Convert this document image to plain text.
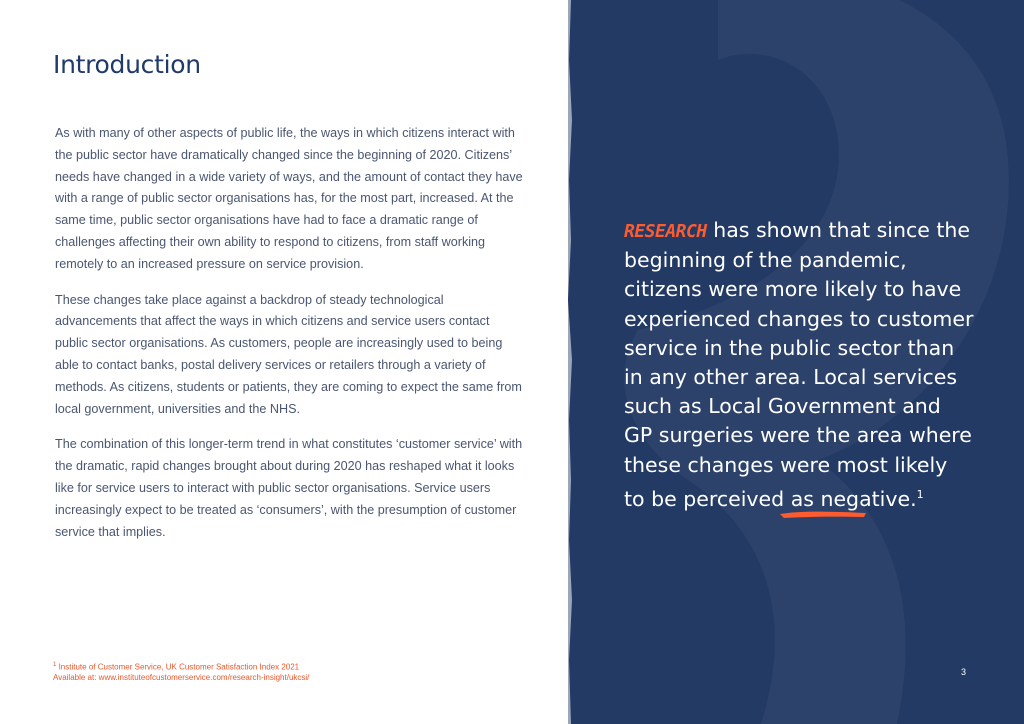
Introduction

As with many of other aspects of public life, the ways in which citizens interact with the public sector have dramatically changed since the beginning of 2020. Citizens’ needs have changed in a wide variety of ways, and the amount of contact they have with a range of public sector organisations has, for the most part, increased. At the same time, public sector organisations have had to face a dramatic range of challenges affecting their own ability to respond to citizens, from staff working remotely to an increased pressure on service provision.

These changes take place against a backdrop of steady technological advancements that affect the ways in which citizens and service users contact public sector organisations. As customers, people are increasingly used to being able to contact banks, postal delivery services or retailers through a variety of methods. As citizens, students or patients, they are coming to expect the same from local government, universities and the NHS.

The combination of this longer-term trend in what constitutes ‘customer service’ with the dramatic, rapid changes brought about during 2020 has reshaped what it looks like for service users to interact with public sector organisations. Service users increasingly expect to be treated as ‘consumers’, with the presumption of customer service that implies.

$^1$ Institute of Customer Service, UK Customer Satisfaction Index 2021
Available at: www.instituteofcustomerservice.com/research-insight/ukcsi/
RESEARCH has shown that since the beginning of the pandemic, citizens were more likely to have experienced changes to customer service in the public sector than in any other area. Local services such as Local Government and GP surgeries were the area where these changes were most likely to be perceived as negative.$^1$
3
